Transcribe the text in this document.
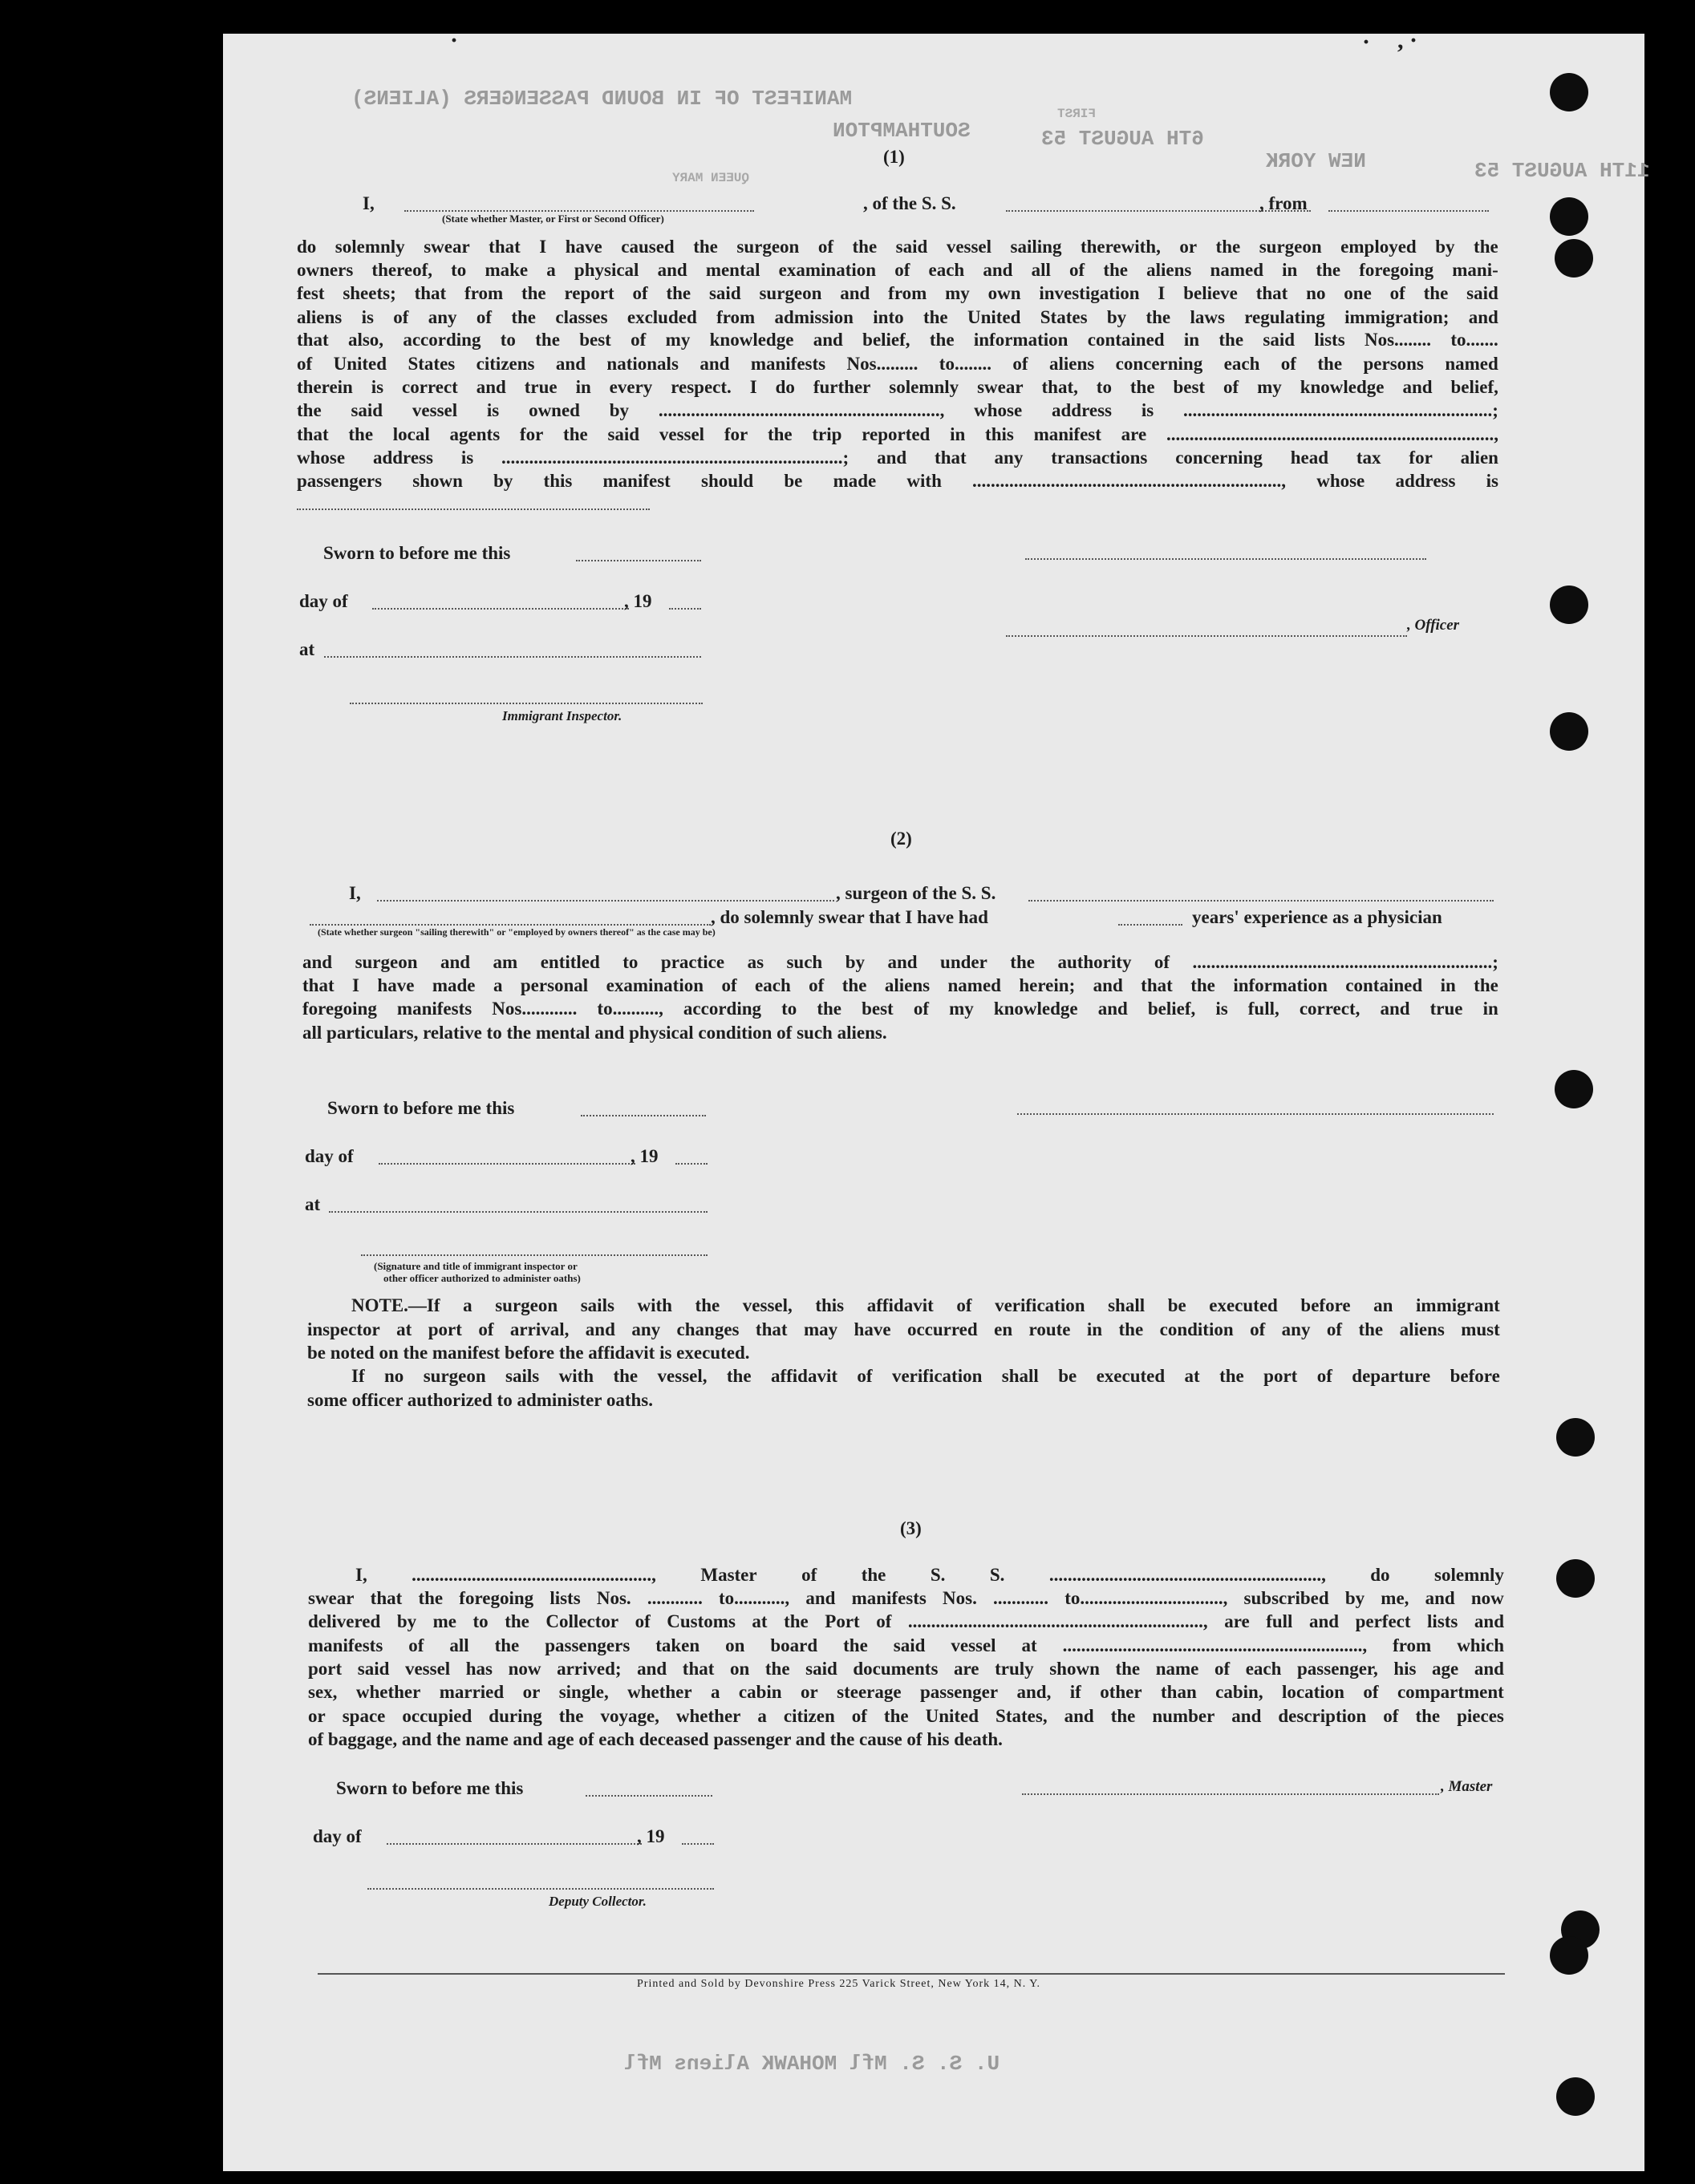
MANIFEST OF IN BOUND PASSENGERS (ALIENS)
SOUTHAMPTON	6TH AUGUST 53
NEW YORK	11TH AUGUST 53
QUEEN MARY
FIRST
U. S. S. Mfl MOHAWK Aliens Mfl
·	· , ·
(1)
I,	, of the S. S.	, from
(State whether Master, or First or Second Officer)
do solemnly swear that I have caused the surgeon of the said vessel sailing therewith, or the surgeon employed by the
owners thereof, to make a physical and mental examination of each and all of the aliens named in the foregoing mani-
fest sheets; that from the report of the said surgeon and from my own investigation I believe that no one of the said
aliens is of any of the classes excluded from admission into the United States by the laws regulating immigration; and
that also, according to the best of my knowledge and belief, the information contained in the said lists Nos........ to.......
of United States citizens and nationals and manifests Nos......... to........ of aliens concerning each of the persons named
therein is correct and true in every respect. I do further solemnly swear that, to the best of my knowledge and belief,
the said vessel is owned by ............................................................., whose address is ...................................................................;
that the local agents for the said vessel for the trip reported in this manifest are .......................................................................,
whose address is ..........................................................................; and that any transactions concerning head tax for alien
passengers shown by this manifest should be made with ..................................................................., whose address is
Sworn to before me this
day of	, 19
, Officer
at
Immigrant Inspector.
(2)
I,	, surgeon of the S. S.
, do solemnly swear that I have had	years' experience as a physician
(State whether surgeon "sailing therewith" or "employed by owners thereof" as the case may be)
and surgeon and am entitled to practice as such by and under the authority of .................................................................;
that I have made a personal examination of each of the aliens named herein; and that the information contained in the
foregoing manifests Nos............ to.........., according to the best of my knowledge and belief, is full, correct, and true in
all particulars, relative to the mental and physical condition of such aliens.
Sworn to before me this
day of	, 19
at
(Signature and title of immigrant inspector or
other officer authorized to administer oaths)
NOTE.—If a surgeon sails with the vessel, this affidavit of verification shall be executed before an immigrant
inspector at port of arrival, and any changes that may have occurred en route in the condition of any of the aliens must
be noted on the manifest before the affidavit is executed.
If no surgeon sails with the vessel, the affidavit of verification shall be executed at the port of departure before
some officer authorized to administer oaths.
(3)
I, ...................................................., Master of the S. S. ..........................................................., do solemnly
swear that the foregoing lists Nos. ............ to..........., and manifests Nos. ............ to..............................., subscribed by me, and now
delivered by me to the Collector of Customs at the Port of ................................................................, are full and perfect lists and
manifests of all the passengers taken on board the said vessel at ................................................................., from which
port said vessel has now arrived; and that on the said documents are truly shown the name of each passenger, his age and
sex, whether married or single, whether a cabin or steerage passenger and, if other than cabin, location of compartment
or space occupied during the voyage, whether a citizen of the United States, and the number and description of the pieces
of baggage, and the name and age of each deceased passenger and the cause of his death.
Sworn to before me this	, Master
day of	, 19
Deputy Collector.
Printed and Sold by Devonshire Press 225 Varick Street, New York 14, N. Y.
